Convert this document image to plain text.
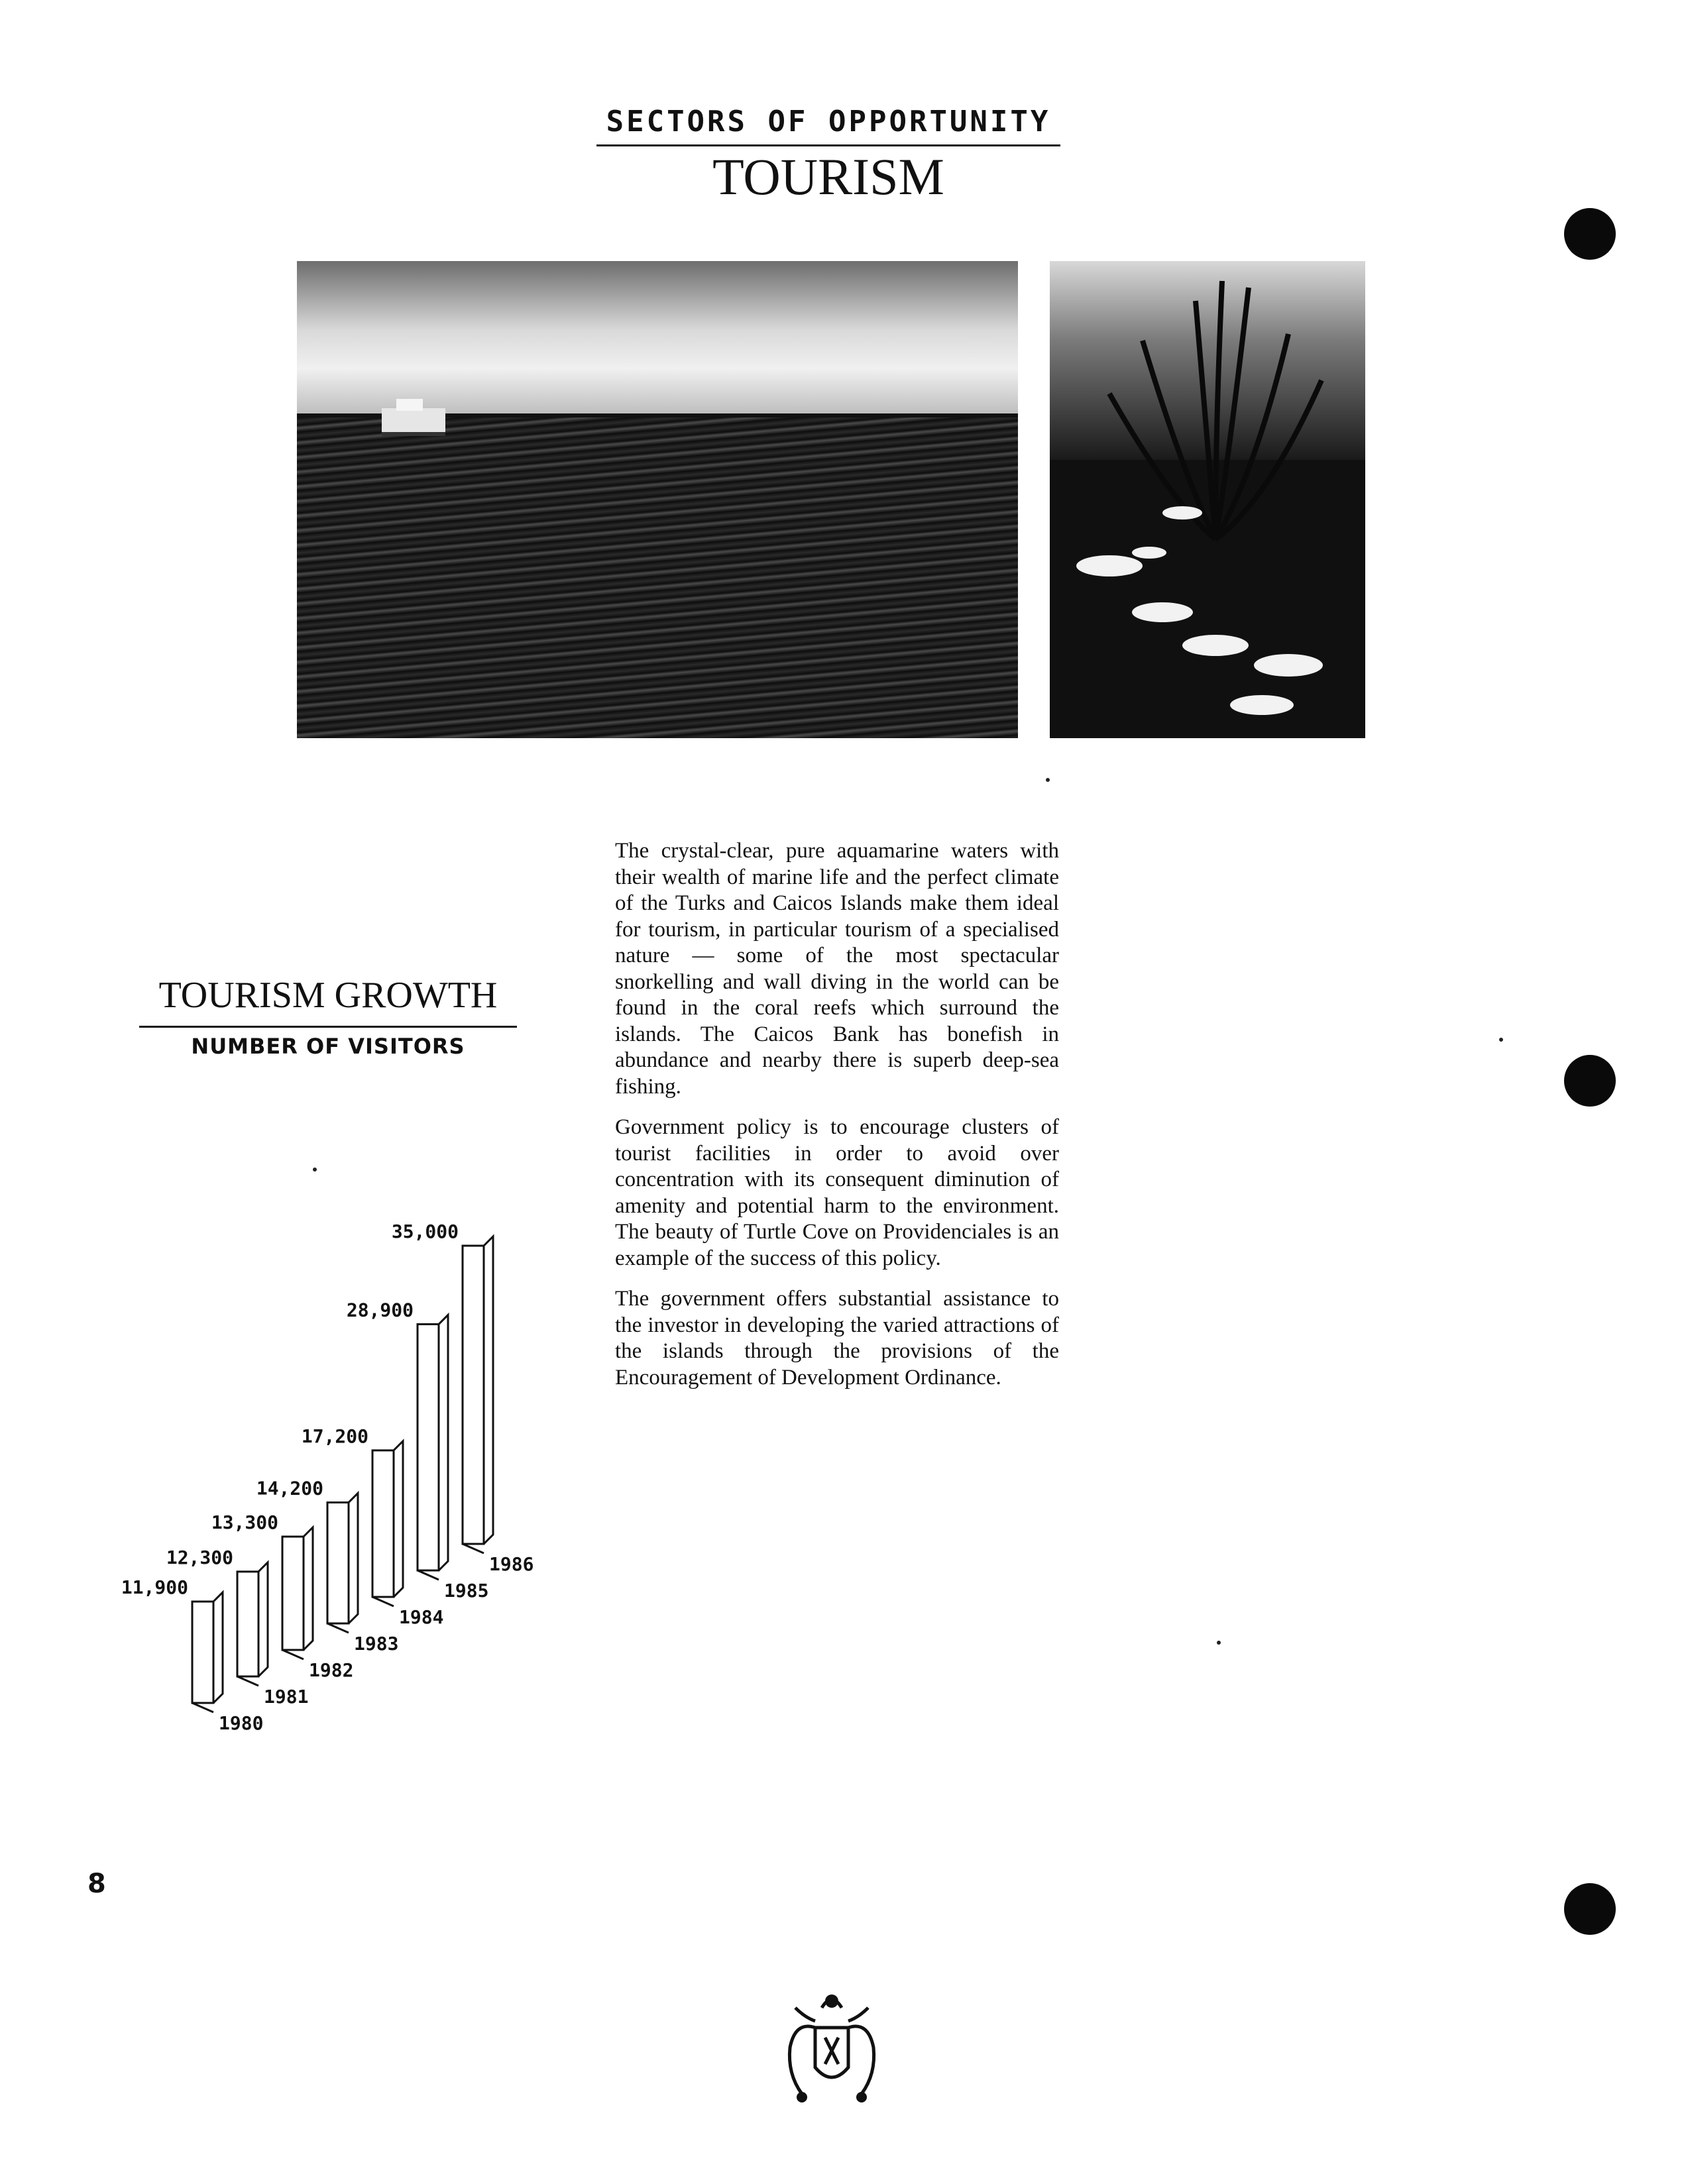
SECTORS OF OPPORTUNITY
TOURISM
TOURISM GROWTH
NUMBER OF VISITORS
11,900
1980
12,300
1981
13,300
1982
14,200
1983
17,200
1984
28,900
1985
35,000
1986

The crystal-clear, pure aquamarine waters with their wealth of marine life and the perfect climate of the Turks and Caicos Islands make them ideal for tourism, in particular tourism of a specialised nature — some of the most spectacular snorkelling and wall diving in the world can be found in the coral reefs which surround the islands. The Caicos Bank has bonefish in abundance and nearby there is superb deep-sea fishing.

Government policy is to encourage clusters of tourist facilities in order to avoid over concentration with its consequent diminution of amenity and potential harm to the environment. The beauty of Turtle Cove on Providenciales is an example of the success of this policy.

The government offers substantial assistance to the investor in developing the varied attractions of the islands through the provisions of the Encouragement of Development Ordinance.

8
